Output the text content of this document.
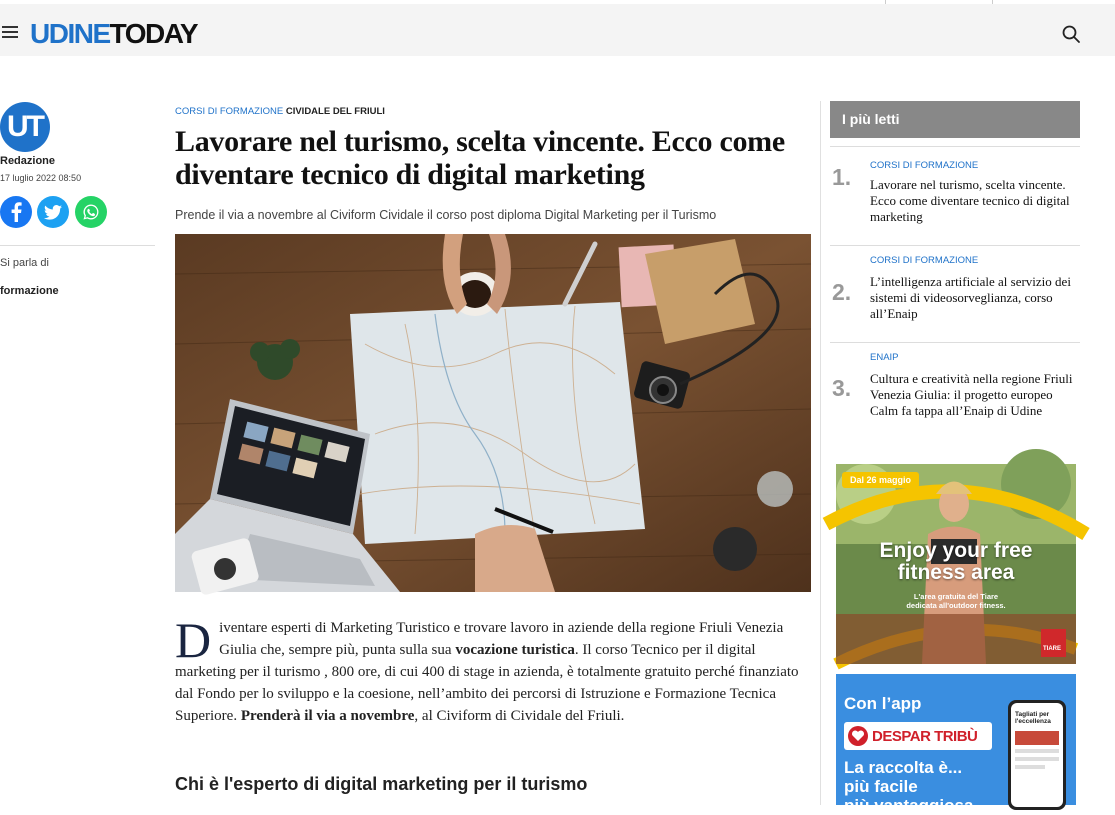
UDINETODAY
UT
Redazione
17 luglio 2022 08:50
Si parla di
formazione
CORSI DI FORMAZIONE CIVIDALE DEL FRIULI
Lavorare nel turismo, scelta vincente. Ecco come diventare tecnico di digital marketing
Prende il via a novembre al Civiform Cividale il corso post diploma Digital Marketing per il Turismo
Diventare esperti di Marketing Turistico e trovare lavoro in aziende della regione Friuli Venezia Giulia che, sempre più, punta sulla sua vocazione turistica. Il corso Tecnico per il digital marketing per il turismo , 800 ore, di cui 400 di stage in azienda, è totalmente gratuito perché finanziato dal Fondo per lo sviluppo e la coesione, nell’ambito dei percorsi di Istruzione e Formazione Tecnica Superiore. Prenderà il via a novembre, al Civiform di Cividale del Friuli.
Chi è l'esperto di digital marketing per il turismo
I più letti
1. CORSI DI FORMAZIONE
Lavorare nel turismo, scelta vincente. Ecco come diventare tecnico di digital marketing
2.
CORSI DI FORMAZIONE
L’intelligenza artificiale al servizio dei sistemi di videosorveglianza, corso all’Enaip
3.
ENAIP
Cultura e creatività nella regione Friuli Venezia Giulia: il progetto europeo Calm fa tappa all’Enaip di Udine
Dal 26 maggio
Enjoy your free
fitness area
L'area gratuita del Tiare
dedicata all'outdoor fitness.
TIARE
Con l’app
DESPAR TRIBÙ
La raccolta è...
più facile
più vantaggiosa
Tagliati per l'eccellenza
